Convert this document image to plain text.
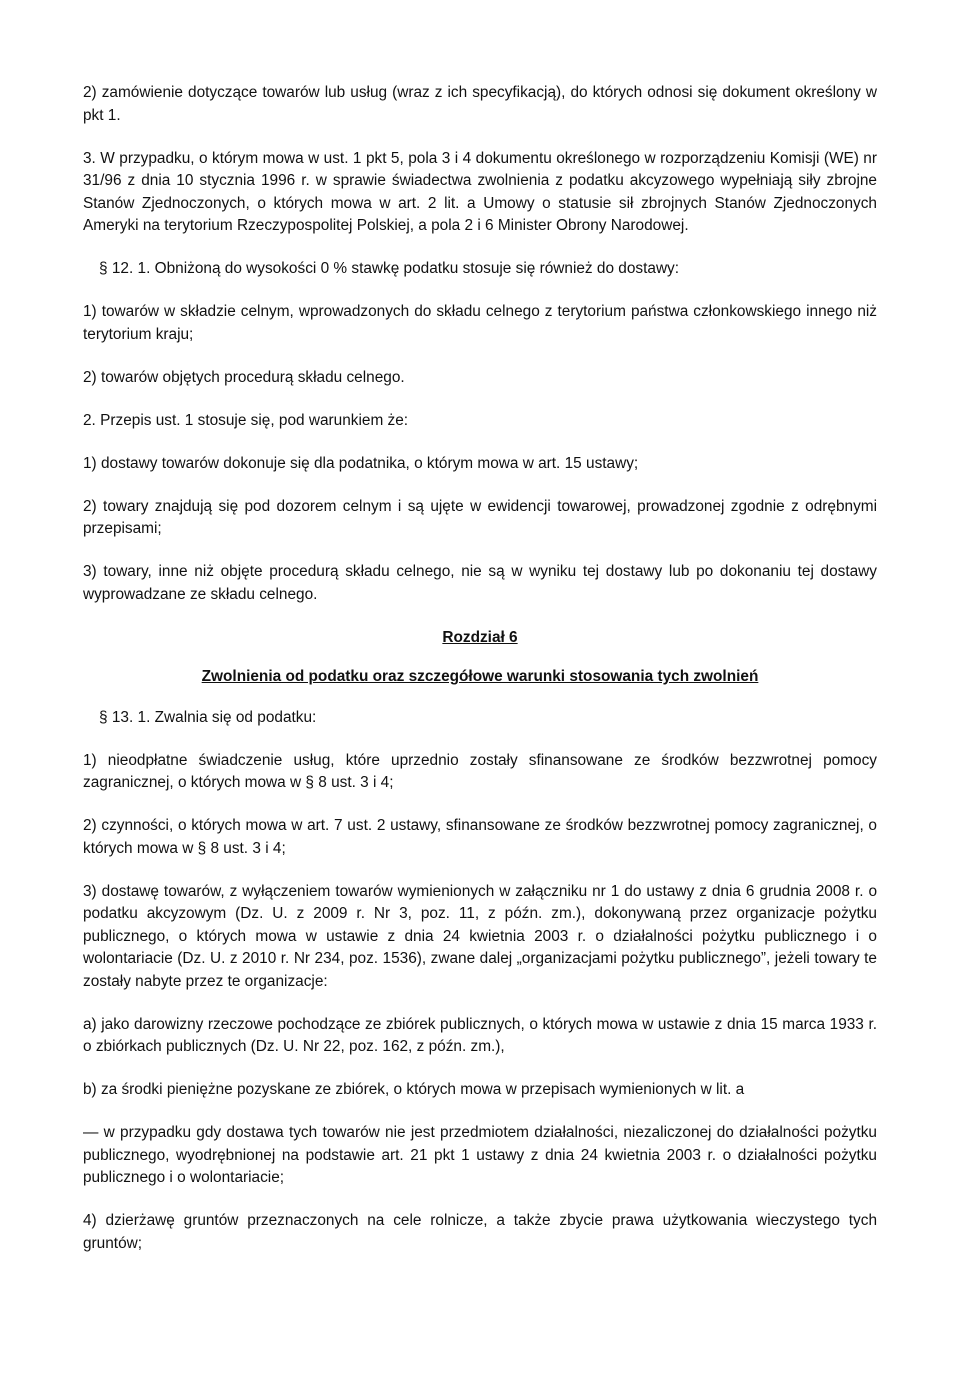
2) zamówienie dotyczące towarów lub usług (wraz z ich specyfikacją), do których odnosi się dokument określony w pkt 1.

3. W przypadku, o którym mowa w ust. 1 pkt 5, pola 3 i 4 dokumentu określonego w rozporządzeniu Komisji (WE) nr 31/96 z dnia 10 stycznia 1996 r. w sprawie świadectwa zwolnienia z podatku akcyzowego wypełniają siły zbrojne Stanów Zjednoczonych, o których mowa w art. 2 lit. a Umowy o statusie sił zbrojnych Stanów Zjednoczonych Ameryki na terytorium Rzeczypospolitej Polskiej, a pola 2 i 6 Minister Obrony Narodowej.

§ 12. 1. Obniżoną do wysokości 0 % stawkę podatku stosuje się również do dostawy:

1) towarów w składzie celnym, wprowadzonych do składu celnego z terytorium państwa członkowskiego innego niż terytorium kraju;

2) towarów objętych procedurą składu celnego.

2. Przepis ust. 1 stosuje się, pod warunkiem że:

1) dostawy towarów dokonuje się dla podatnika, o którym mowa w art. 15 ustawy;

2) towary znajdują się pod dozorem celnym i są ujęte w ewidencji towarowej, prowadzonej zgodnie z odrębnymi przepisami;

3) towary, inne niż objęte procedurą składu celnego, nie są w wyniku tej dostawy lub po dokonaniu tej dostawy wyprowadzane ze składu celnego.

Rozdział 6
Zwolnienia od podatku oraz szczegółowe warunki stosowania tych zwolnień

§ 13. 1. Zwalnia się od podatku:

1) nieodpłatne świadczenie usług, które uprzednio zostały sfinansowane ze środków bezzwrotnej pomocy zagranicznej, o których mowa w § 8 ust. 3 i 4;

2) czynności, o których mowa w art. 7 ust. 2 ustawy, sfinansowane ze środków bezzwrotnej pomocy zagranicznej, o których mowa w § 8 ust. 3 i 4;

3) dostawę towarów, z wyłączeniem towarów wymienionych w załączniku nr 1 do ustawy z dnia 6 grudnia 2008 r. o podatku akcyzowym (Dz. U. z 2009 r. Nr 3, poz. 11, z późn. zm.), dokonywaną przez organizacje pożytku publicznego, o których mowa w ustawie z dnia 24 kwietnia 2003 r. o działalności pożytku publicznego i o wolontariacie (Dz. U. z 2010 r. Nr 234, poz. 1536), zwane dalej „organizacjami pożytku publicznego”, jeżeli towary te zostały nabyte przez te organizacje:

a) jako darowizny rzeczowe pochodzące ze zbiórek publicznych, o których mowa w ustawie z dnia 15 marca 1933 r. o zbiórkach publicznych (Dz. U. Nr 22, poz. 162, z późn. zm.),

b) za środki pieniężne pozyskane ze zbiórek, o których mowa w przepisach wymienionych w lit. a

— w przypadku gdy dostawa tych towarów nie jest przedmiotem działalności, niezaliczonej do działalności pożytku publicznego, wyodrębnionej na podstawie art. 21 pkt 1 ustawy z dnia 24 kwietnia 2003 r. o działalności pożytku publicznego i o wolontariacie;

4) dzierżawę gruntów przeznaczonych na cele rolnicze, a także zbycie prawa użytkowania wieczystego tych gruntów;
